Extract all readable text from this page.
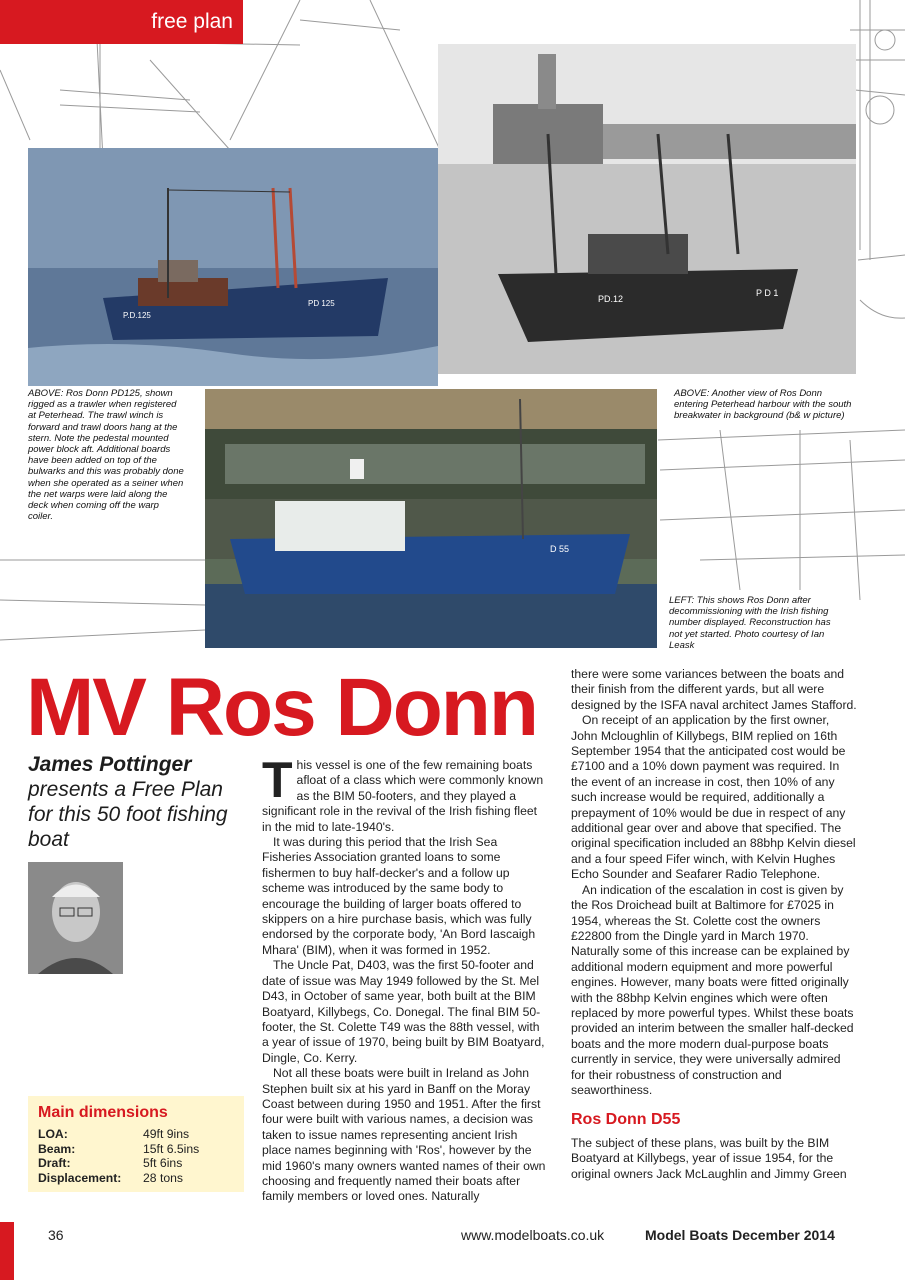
free plan
P.D.125
PD 125	PD.12
P D 1
D 55
ABOVE: Ros Donn PD125, shown rigged as a trawler when registered at Peterhead. The trawl winch is forward and trawl doors hang at the stern. Note the pedestal mounted power block aft. Additional boards have been added on top of the bulwarks and this was probably done when she operated as a seiner when the net warps were laid along the deck when coming off the warp coiler.
ABOVE: Another view of Ros Donn entering Peterhead harbour with the south breakwater in background (b& w picture)
LEFT: This shows Ros Donn after decommissioning with the Irish fishing number displayed. Reconstruction has not yet started. Photo courtesy of Ian Leask
MV Ros Donn
James Pottinger
presents a Free Plan for this 50 foot fishing boat
T his vessel is one of the few remaining boats afloat of a class which were commonly known as the BIM 50-footers, and they played a significant role in the revival of the Irish fishing fleet in the mid to late-1940's.

It was during this period that the Irish Sea Fisheries Association granted loans to some fishermen to buy half-decker's and a follow up scheme was introduced by the same body to encourage the building of larger boats offered to skippers on a hire purchase basis, which was fully endorsed by the corporate body, 'An Bord Iascaigh Mhara' (BIM), when it was formed in 1952.

The Uncle Pat, D403, was the first 50-footer and date of issue was May 1949 followed by the St. Mel D43, in October of same year, both built at the BIM Boatyard, Killybegs, Co. Donegal. The final BIM 50-footer, the St. Colette T49 was the 88th vessel, with a year of issue of 1970, being built by BIM Boatyard, Dingle, Co. Kerry.

Not all these boats were built in Ireland as John Stephen built six at his yard in Banff on the Moray Coast between during 1950 and 1951. After the first four were built with various names, a decision was taken to issue names representing ancient Irish place names beginning with 'Ros', however by the mid 1960's many owners wanted names of their own choosing and frequently named their boats after family members or loved ones. Naturally

there were some variances between the boats and their finish from the different yards, but all were designed by the ISFA naval architect James Stafford.

On receipt of an application by the first owner, John Mcloughlin of Killybegs, BIM replied on 16th September 1954 that the anticipated cost would be £7100 and a 10% down payment was required. In the event of an increase in cost, then 10% of any such increase would be required, additionally a prepayment of 10% would be due in respect of any additional gear over and above that specified. The original specification included an 88bhp Kelvin diesel and a four speed Fifer winch, with Kelvin Hughes Echo Sounder and Seafarer Radio Telephone.

An indication of the escalation in cost is given by the Ros Droichead built at Baltimore for £7025 in 1954, whereas the St. Colette cost the owners £22800 from the Dingle yard in March 1970. Naturally some of this increase can be explained by additional modern equipment and more powerful engines. However, many boats were fitted originally with the 88bhp Kelvin engines which were often replaced by more powerful types. Whilst these boats provided an interim between the smaller half-decked boats and the more modern dual-purpose boats currently in service, they were universally admired for their robustness of construction and seaworthiness.

Ros Donn D55

The subject of these plans, was built by the BIM Boatyard at Killybegs, year of issue 1954, for the original owners Jack McLaughlin and Jimmy Green

Main dimensions
LOA:	49ft 9ins
Beam:	15ft 6.5ins
Draft:	5ft 6ins
Displacement:	28 tons
36	www.modelboats.co.uk	Model Boats December 2014
